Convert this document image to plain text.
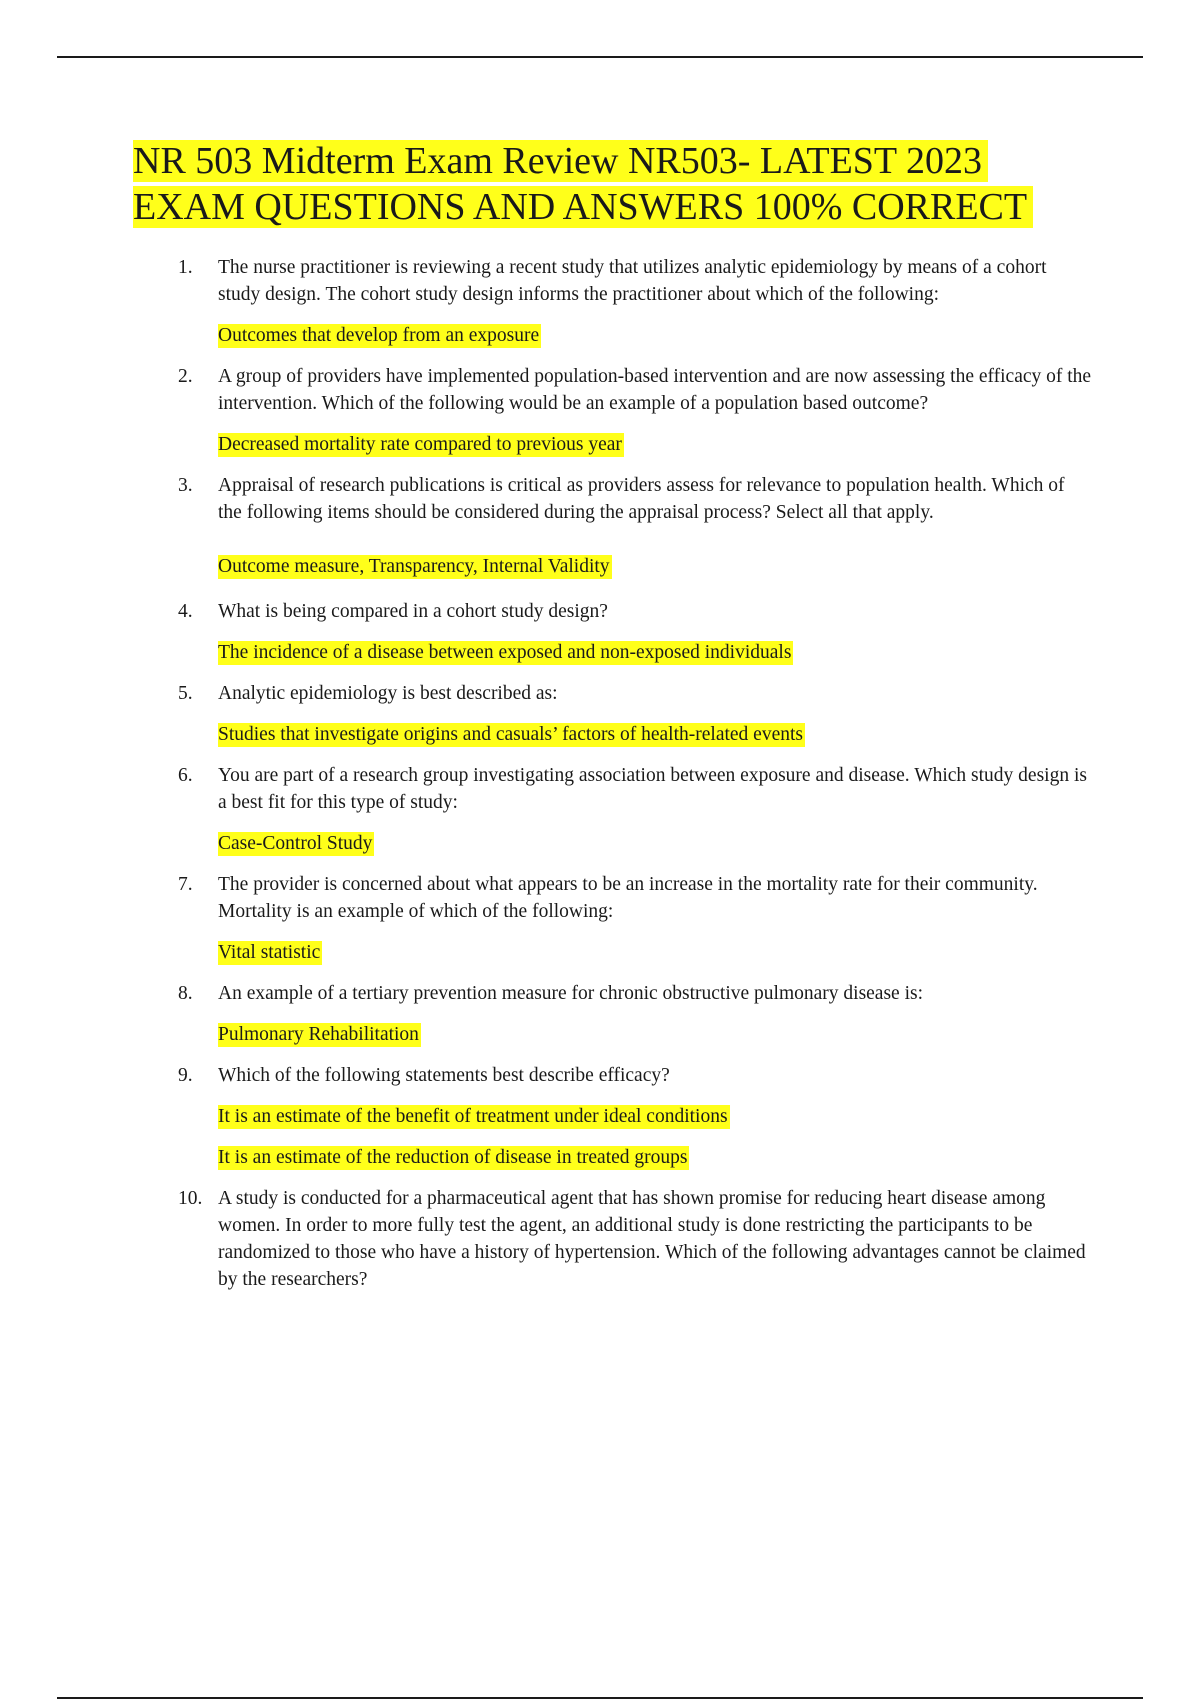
NR 503 Midterm Exam Review NR503- LATEST 2023
EXAM QUESTIONS AND ANSWERS 100% CORRECT
1. The nurse practitioner is reviewing a recent study that utilizes analytic epidemiology by means of a cohort study design. The cohort study design informs the practitioner about which of the following:
Outcomes that develop from an exposure
2. A group of providers have implemented population-based intervention and are now assessing the efficacy of the intervention. Which of the following would be an example of a population based outcome?
Decreased mortality rate compared to previous year
3. Appraisal of research publications is critical as providers assess for relevance to population health. Which of the following items should be considered during the appraisal process? Select all that apply.
Outcome measure, Transparency, Internal Validity
4. What is being compared in a cohort study design?
The incidence of a disease between exposed and non-exposed individuals
5. Analytic epidemiology is best described as:
Studies that investigate origins and casuals’ factors of health-related events
6. You are part of a research group investigating association between exposure and disease. Which study design is a best fit for this type of study:
Case-Control Study
7. The provider is concerned about what appears to be an increase in the mortality rate for their community. Mortality is an example of which of the following:
Vital statistic
8. An example of a tertiary prevention measure for chronic obstructive pulmonary disease is:
Pulmonary Rehabilitation
9. Which of the following statements best describe efficacy?
It is an estimate of the benefit of treatment under ideal conditions
It is an estimate of the reduction of disease in treated groups
10. A study is conducted for a pharmaceutical agent that has shown promise for reducing heart disease among women. In order to more fully test the agent, an additional study is done restricting the participants to be randomized to those who have a history of hypertension. Which of the following advantages cannot be claimed by the researchers?
